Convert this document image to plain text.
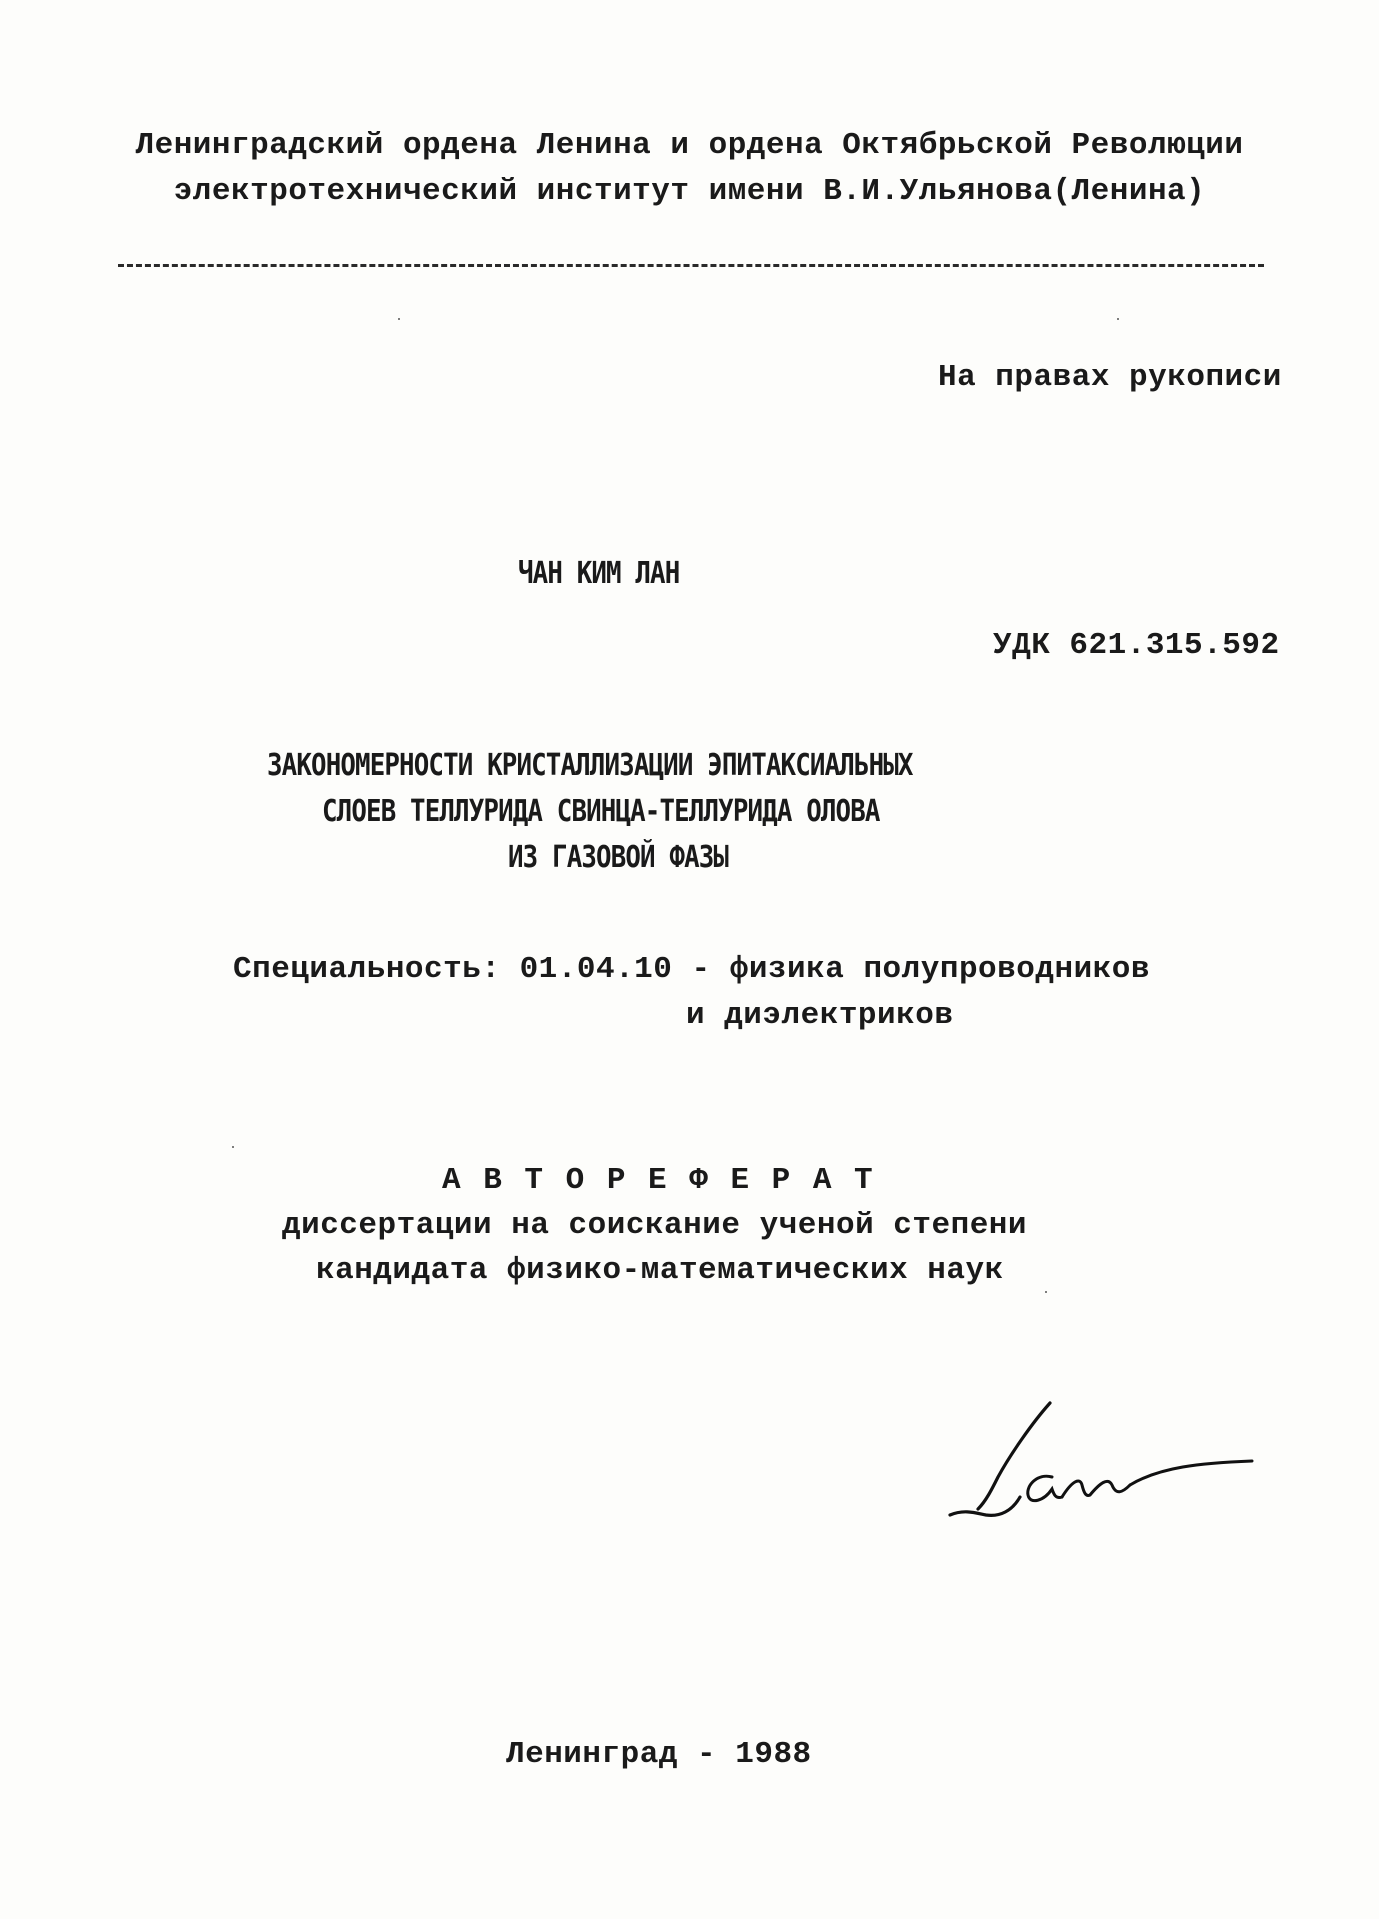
Ленинградский ордена Ленина и ордена Октябрьской Революции
электротехнический институт имени В.И.Ульянова(Ленина)
На правах рукописи
ЧАН КИМ ЛАН
УДК 621.315.592
ЗАКОНОМЕРНОСТИ КРИСТАЛЛИЗАЦИИ ЭПИТАКСИАЛЬНЫХ
СЛОЕВ ТЕЛЛУРИДА СВИНЦА-ТЕЛЛУРИДА ОЛОВА
ИЗ ГАЗОВОЙ ФАЗЫ
Специальность: 01.04.10 - физика полупроводников
и диэлектриков
А В Т О Р Е Ф Е Р А Т
диссертации на соискание ученой степени
кандидата физико-математических наук
Ленинград - 1988
